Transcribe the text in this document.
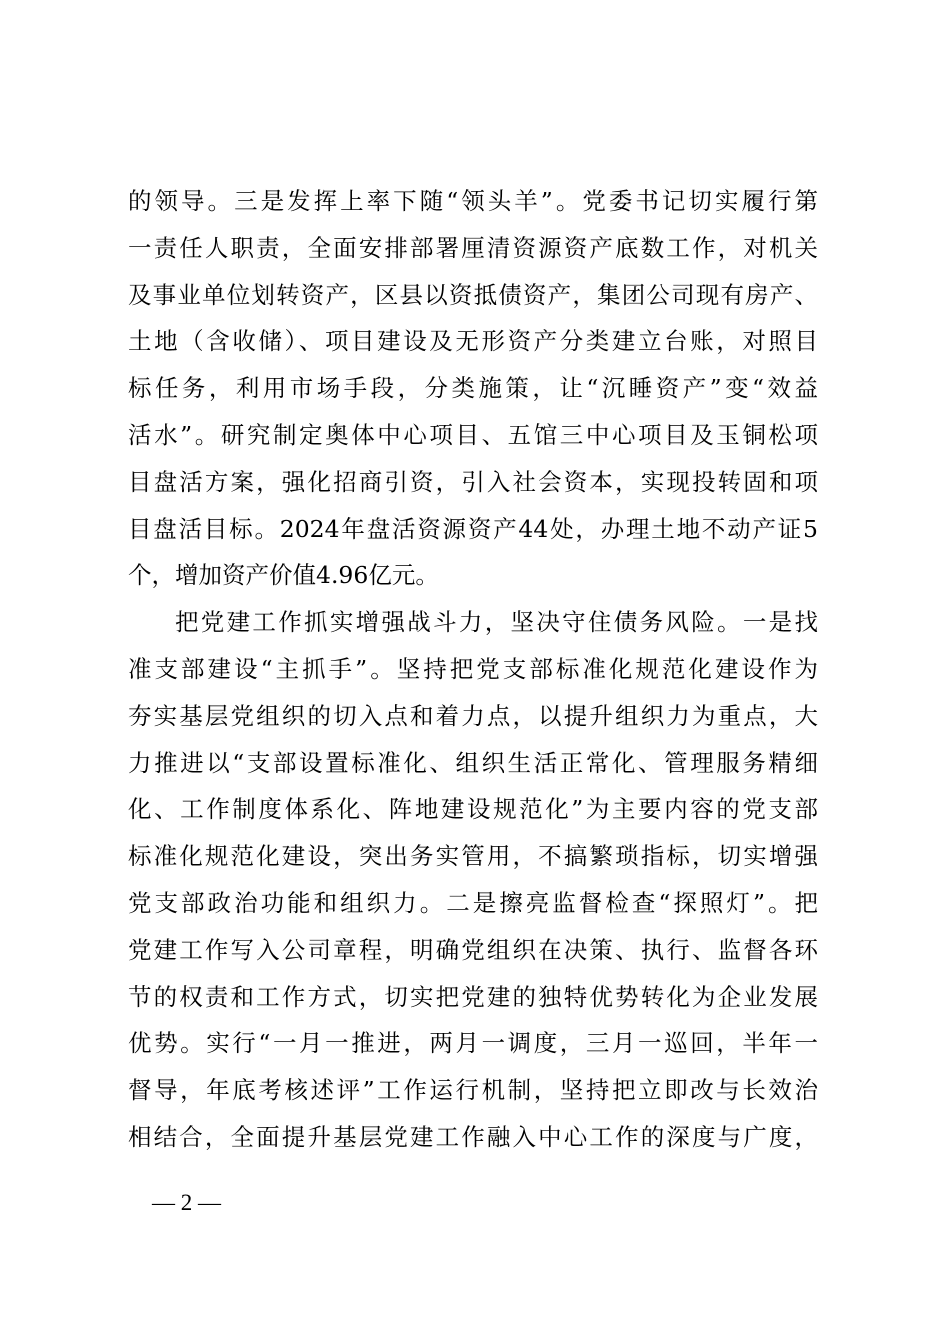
的领导。三是发挥上率下随“领头羊”。党委书记切实履行第
一责任人职责，全面安排部署厘清资源资产底数工作，对机关
及事业单位划转资产，区县以资抵债资产，集团公司现有房产、
土地（含收储）、项目建设及无形资产分类建立台账，对照目
标任务，利用市场手段，分类施策，让“沉睡资产”变“效益
活水”。研究制定奥体中心项目、五馆三中心项目及玉铜松项
目盘活方案，强化招商引资，引入社会资本，实现投转固和项
目盘活目标。2024年盘活资源资产44处，办理土地不动产证5
个，增加资产价值4.96亿元。
把党建工作抓实增强战斗力，坚决守住债务风险。一是找
准支部建设“主抓手”。坚持把党支部标准化规范化建设作为
夯实基层党组织的切入点和着力点，以提升组织力为重点，大
力推进以“支部设置标准化、组织生活正常化、管理服务精细
化、工作制度体系化、阵地建设规范化”为主要内容的党支部
标准化规范化建设，突出务实管用，不搞繁琐指标，切实增强
党支部政治功能和组织力。二是擦亮监督检查“探照灯”。把
党建工作写入公司章程，明确党组织在决策、执行、监督各环
节的权责和工作方式，切实把党建的独特优势转化为企业发展
优势。实行“一月一推进，两月一调度，三月一巡回，半年一
督导，年底考核述评”工作运行机制，坚持把立即改与长效治
相结合，全面提升基层党建工作融入中心工作的深度与广度，
— 2 —
